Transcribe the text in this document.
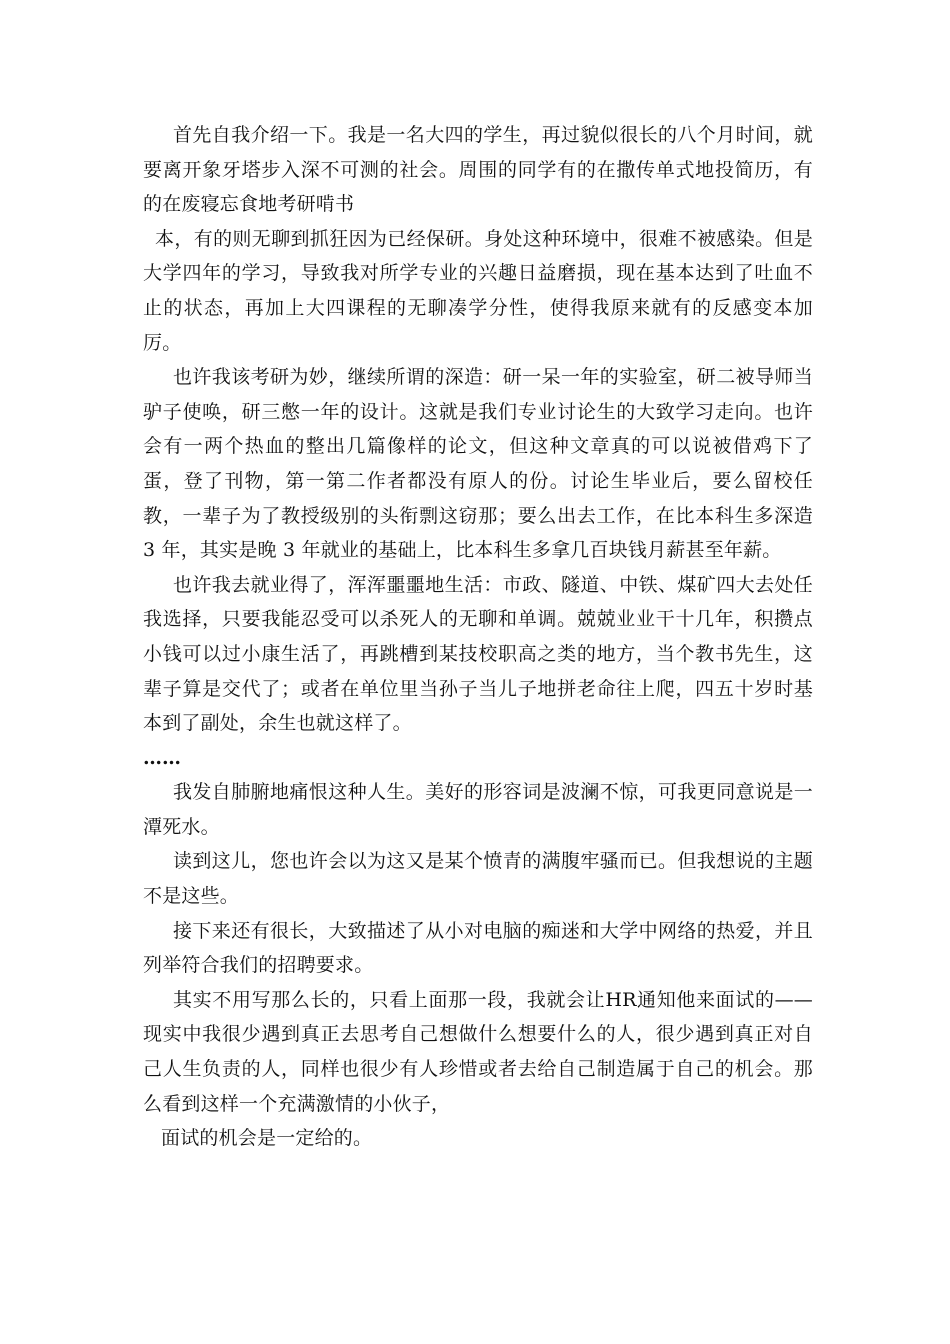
首先自我介绍一下。我是一名大四的学生，再过貌似很长的八个月时间，就要离开象牙塔步入深不可测的社会。周围的同学有的在撒传单式地投简历，有的在废寝忘食地考研啃书

本，有的则无聊到抓狂因为已经保研。身处这种环境中，很难不被感染。但是大学四年的学习，导致我对所学专业的兴趣日益磨损，现在基本达到了吐血不止的状态，再加上大四课程的无聊凑学分性，使得我原来就有的反感变本加厉。

也许我该考研为妙，继续所谓的深造：研一呆一年的实验室，研二被导师当驴子使唤，研三憋一年的设计。这就是我们专业讨论生的大致学习走向。也许会有一两个热血的整出几篇像样的论文，但这种文章真的可以说被借鸡下了蛋，登了刊物，第一第二作者都没有原人的份。讨论生毕业后，要么留校任教，一辈子为了教授级别的头衔剽这窃那；要么出去工作，在比本科生多深造 3 年，其实是晚 3 年就业的基础上，比本科生多拿几百块钱月薪甚至年薪。

也许我去就业得了，浑浑噩噩地生活：市政、隧道、中铁、煤矿四大去处任我选择，只要我能忍受可以杀死人的无聊和单调。兢兢业业干十几年，积攒点小钱可以过小康生活了，再跳槽到某技校职高之类的地方，当个教书先生，这辈子算是交代了；或者在单位里当孙子当儿子地拼老命往上爬，四五十岁时基本到了副处，余生也就这样了。

……

我发自肺腑地痛恨这种人生。美好的形容词是波澜不惊，可我更同意说是一潭死水。

读到这儿，您也许会以为这又是某个愤青的满腹牢骚而已。但我想说的主题不是这些。

接下来还有很长，大致描述了从小对电脑的痴迷和大学中网络的热爱，并且列举符合我们的招聘要求。

其实不用写那么长的，只看上面那一段，我就会让HR通知他来面试的——现实中我很少遇到真正去思考自己想做什么想要什么的人，很少遇到真正对自己人生负责的人，同样也很少有人珍惜或者去给自己制造属于自己的机会。那么看到这样一个充满激情的小伙子，

面试的机会是一定给的。
